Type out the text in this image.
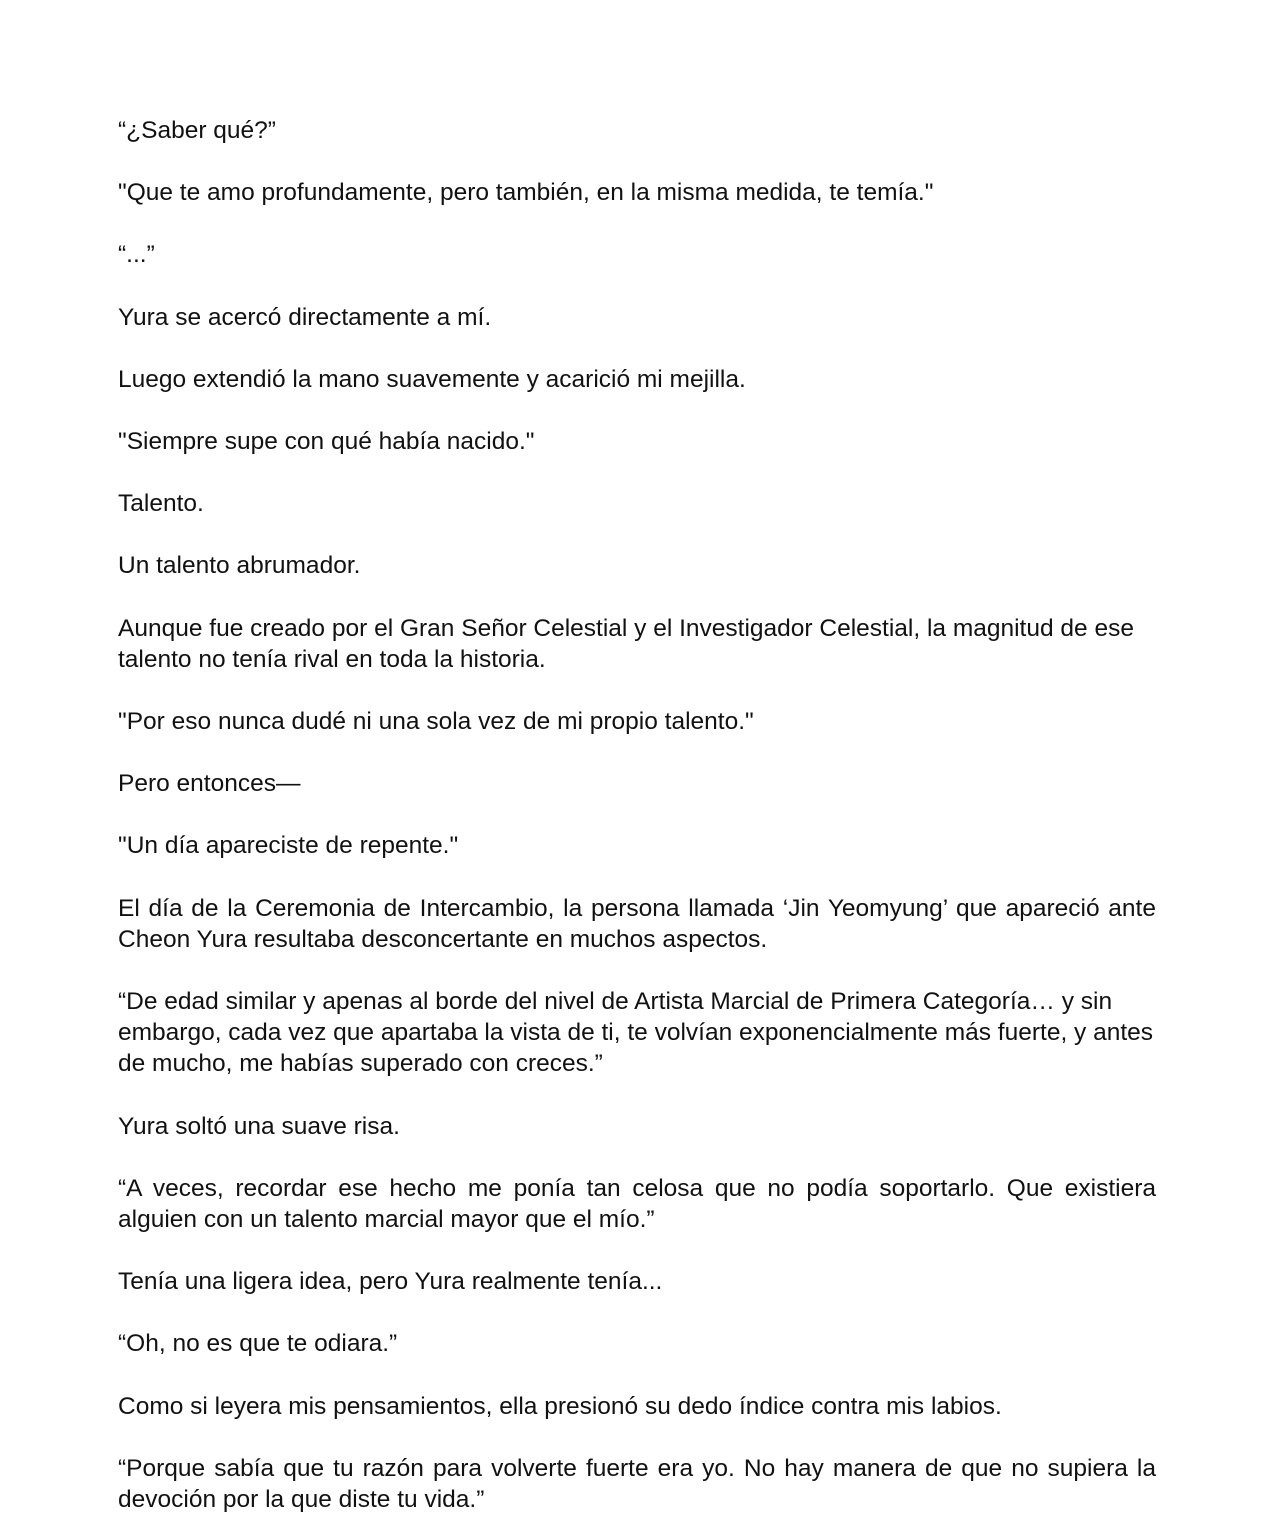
“¿Saber qué?”

"Que te amo profundamente, pero también, en la misma medida, te temía."

“...”

Yura se acercó directamente a mí.

Luego extendió la mano suavemente y acarició mi mejilla.

"Siempre supe con qué había nacido."

Talento.

Un talento abrumador.

Aunque fue creado por el Gran Señor Celestial y el Investigador Celestial, la magnitud de ese talento no tenía rival en toda la historia.

"Por eso nunca dudé ni una sola vez de mi propio talento."

Pero entonces—

"Un día apareciste de repente."

El día de la Ceremonia de Intercambio, la persona llamada ‘Jin Yeomyung’ que apareció ante Cheon Yura resultaba desconcertante en muchos aspectos.

“De edad similar y apenas al borde del nivel de Artista Marcial de Primera Categoría… y sin embargo, cada vez que apartaba la vista de ti, te volvían exponencialmente más fuerte, y antes de mucho, me habías superado con creces.”

Yura soltó una suave risa.

“A veces, recordar ese hecho me ponía tan celosa que no podía soportarlo. Que existiera alguien con un talento marcial mayor que el mío.”

Tenía una ligera idea, pero Yura realmente tenía...

“Oh, no es que te odiara.”

Como si leyera mis pensamientos, ella presionó su dedo índice contra mis labios.

“Porque sabía que tu razón para volverte fuerte era yo. No hay manera de que no supiera la devoción por la que diste tu vida.”
